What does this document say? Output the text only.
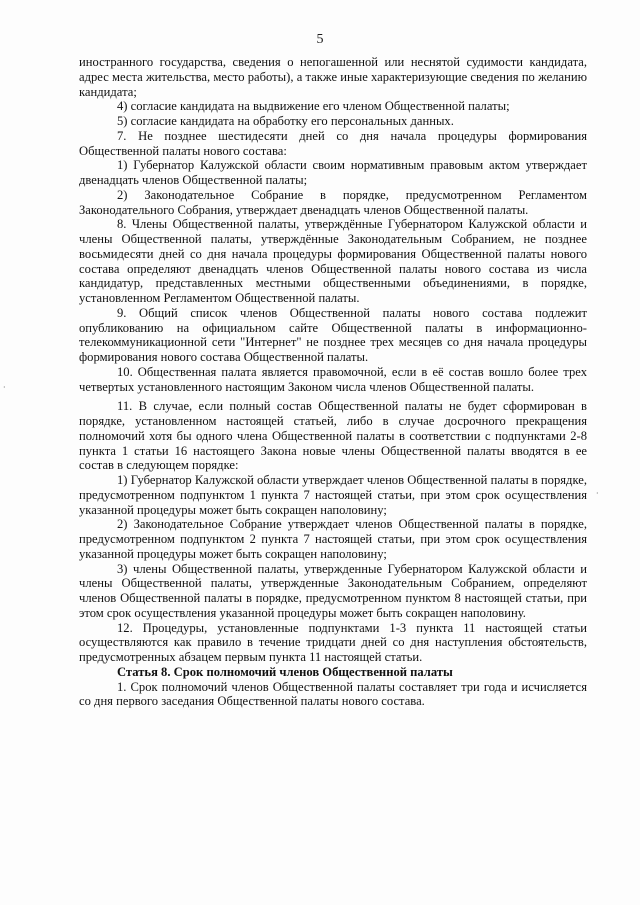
5
·
·

иностранного государства, сведения о непогашенной или неснятой судимости кандидата, адрес места жительства, место работы), а также иные характеризующие сведения по желанию кандидата;

4) согласие кандидата на выдвижение его членом Общественной палаты;

5) согласие кандидата на обработку его персональных данных.

7. Не позднее шестидесяти дней со дня начала процедуры формирования Общественной палаты нового состава:

1) Губернатор Калужской области своим нормативным правовым актом утверждает двенадцать членов Общественной палаты;

2) Законодательное Собрание в порядке, предусмотренном Регламентом Законодательного Собрания, утверждает двенадцать членов Общественной палаты.

8. Члены Общественной палаты, утверждённые Губернатором Калужской области и члены Общественной палаты, утверждённые Законодательным Собранием, не позднее восьмидесяти дней со дня начала процедуры формирования Общественной палаты нового состава определяют двенадцать членов Общественной палаты нового состава из числа кандидатур, представленных местными общественными объединениями, в порядке, установленном Регламентом Общественной палаты.

9. Общий список членов Общественной палаты нового состава подлежит опубликованию на официальном сайте Общественной палаты в информационно-телекоммуникационной сети "Интернет" не позднее трех месяцев со дня начала процедуры формирования нового состава Общественной палаты.

10. Общественная палата является правомочной, если в её состав вошло более трех четвертых установленного настоящим Законом числа членов Общественной палаты.

11. В случае, если полный состав Общественной палаты не будет сформирован в порядке, установленном настоящей статьей, либо в случае досрочного прекращения полномочий хотя бы одного члена Общественной палаты в соответствии с подпунктами 2-8 пункта 1 статьи 16 настоящего Закона новые члены Общественной палаты вводятся в ее состав в следующем порядке:

1) Губернатор Калужской области утверждает членов Общественной палаты в порядке, предусмотренном подпунктом 1 пункта 7 настоящей статьи, при этом срок осуществления указанной процедуры может быть сокращен наполовину;

2) Законодательное Собрание утверждает членов Общественной палаты в порядке, предусмотренном подпунктом 2 пункта 7 настоящей статьи, при этом срок осуществления указанной процедуры может быть сокращен наполовину;

3) члены Общественной палаты, утвержденные Губернатором Калужской области и члены Общественной палаты, утвержденные Законодательным Собранием, определяют членов Общественной палаты в порядке, предусмотренном пунктом 8 настоящей статьи, при этом срок осуществления указанной процедуры может быть сокращен наполовину.

12. Процедуры, установленные подпунктами 1-3 пункта 11 настоящей статьи осуществляются как правило в течение тридцати дней со дня наступления обстоятельств, предусмотренных абзацем первым пункта 11 настоящей статьи.

Статья 8. Срок полномочий членов Общественной палаты

1. Срок полномочий членов Общественной палаты составляет три года и исчисляется со дня первого заседания Общественной палаты нового состава.
